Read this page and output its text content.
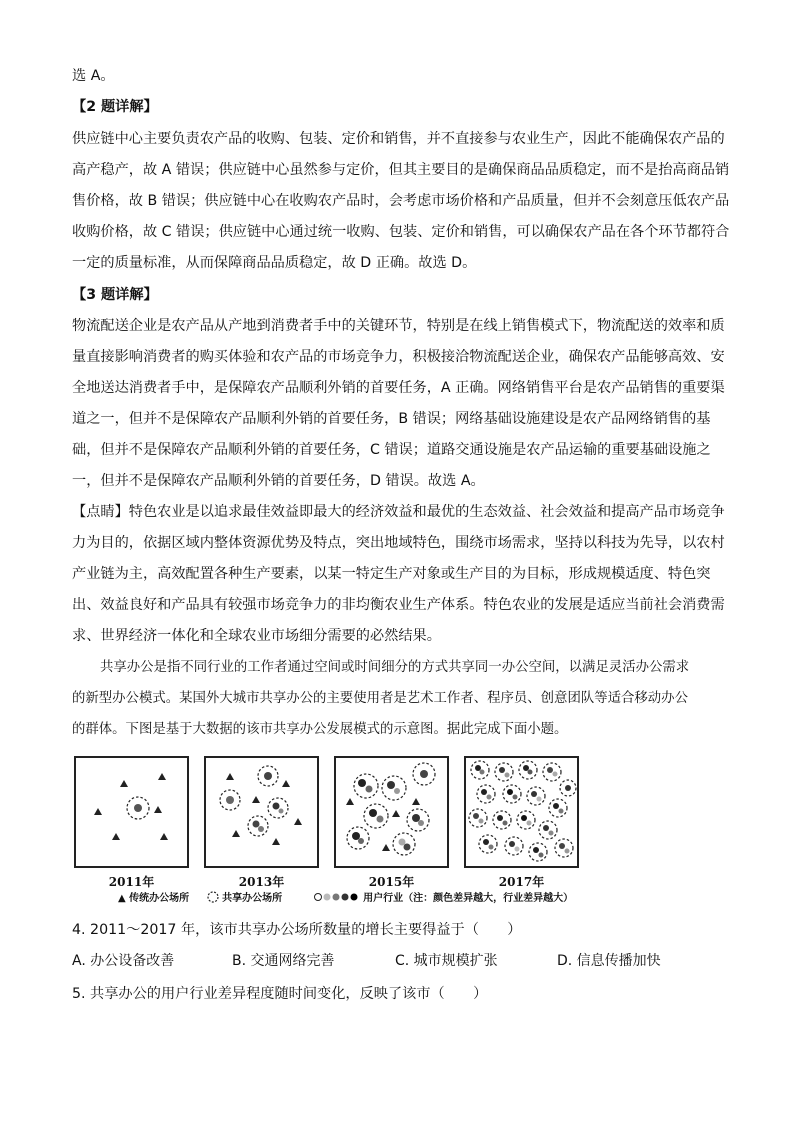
选 A。
【2 题详解】
供应链中心主要负责农产品的收购、包装、定价和销售，并不直接参与农业生产，因此不能确保农产品的
高产稳产，故 A 错误；供应链中心虽然参与定价，但其主要目的是确保商品品质稳定，而不是抬高商品销
售价格，故 B 错误；供应链中心在收购农产品时，会考虑市场价格和产品质量，但并不会刻意压低农产品
收购价格，故 C 错误；供应链中心通过统一收购、包装、定价和销售，可以确保农产品在各个环节都符合
一定的质量标准，从而保障商品品质稳定，故 D 正确。故选 D。
【3 题详解】
物流配送企业是农产品从产地到消费者手中的关键环节，特别是在线上销售模式下，物流配送的效率和质
量直接影响消费者的购买体验和农产品的市场竞争力，积极接洽物流配送企业，确保农产品能够高效、安
全地送达消费者手中，是保障农产品顺利外销的首要任务，A 正确。网络销售平台是农产品销售的重要渠
道之一，但并不是保障农产品顺利外销的首要任务，B 错误；网络基础设施建设是农产品网络销售的基
础，但并不是保障农产品顺利外销的首要任务，C 错误；道路交通设施是农产品运输的重要基础设施之
一，但并不是保障农产品顺利外销的首要任务，D 错误。故选 A。
【点睛】特色农业是以追求最佳效益即最大的经济效益和最优的生态效益、社会效益和提高产品市场竞争
力为目的，依据区域内整体资源优势及特点，突出地域特色，围绕市场需求，坚持以科技为先导，以农村
产业链为主，高效配置各种生产要素，以某一特定生产对象或生产目的为目标，形成规模适度、特色突
出、效益良好和产品具有较强市场竞争力的非均衡农业生产体系。特色农业的发展是适应当前社会消费需
求、世界经济一体化和全球农业市场细分需要的必然结果。
共享办公是指不同行业的工作者通过空间或时间细分的方式共享同一办公空间，以满足灵活办公需求
的新型办公模式。某国外大城市共享办公的主要使用者是艺术工作者、程序员、创意团队等适合移动办公
的群体。下图是基于大数据的该市共享办公发展模式的示意图。据此完成下面小题。
2011年	2013年	2015年	2017年
▲ 传统办公场所	共享办公场所	用户行业（注：颜色差异越大，行业差异越大）
4. 2011～2017 年，该市共享办公场所数量的增长主要得益于（　　）
A. 办公设备改善	B. 交通网络完善	C. 城市规模扩张	D. 信息传播加快
5. 共享办公的用户行业差异程度随时间变化，反映了该市（　　）
